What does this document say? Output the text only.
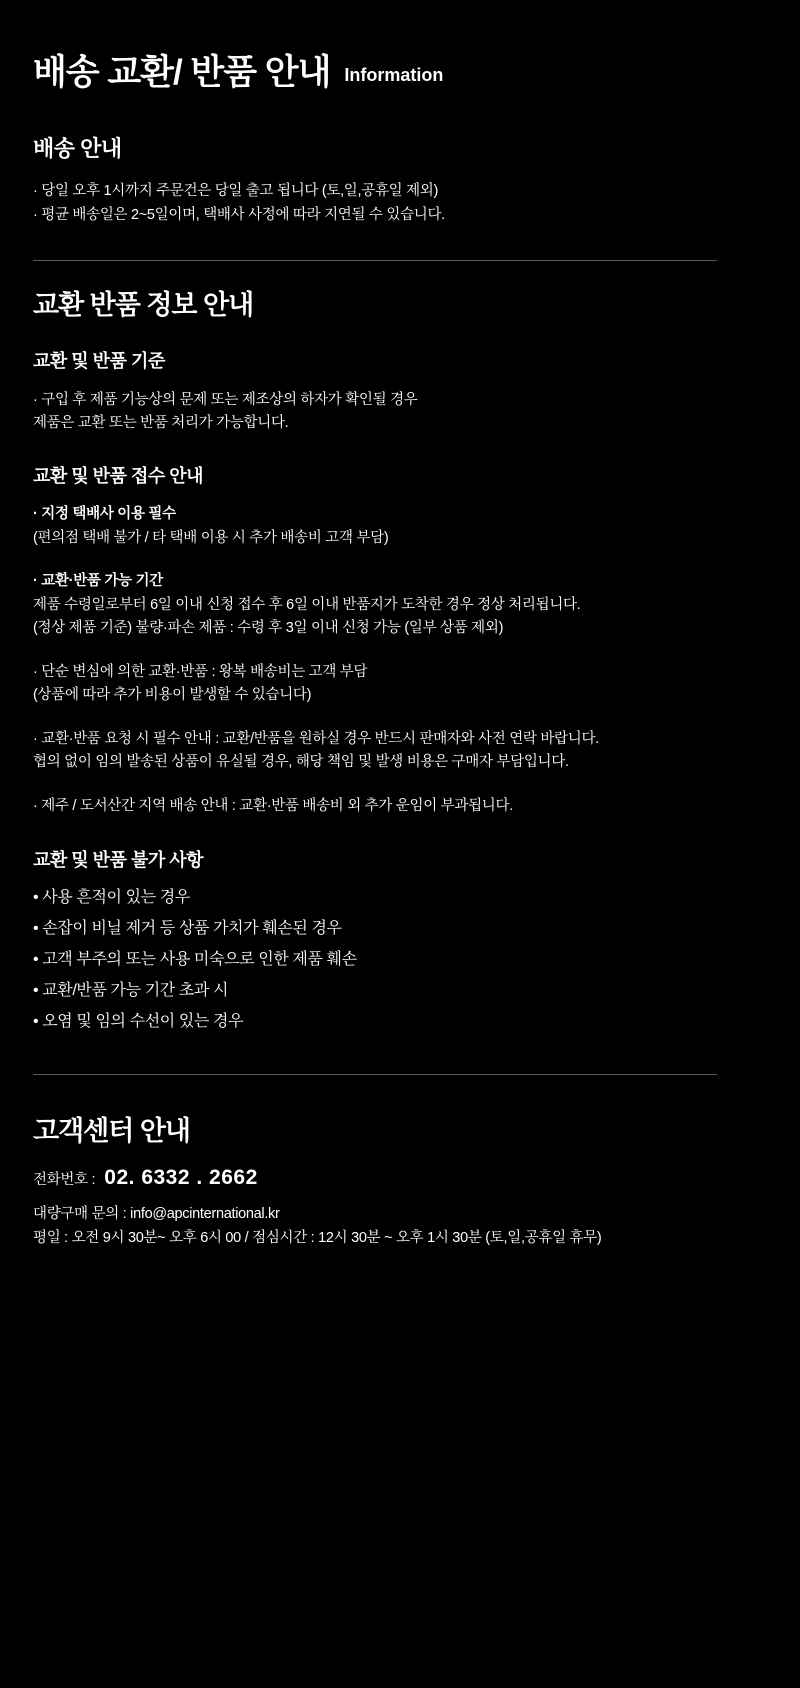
배송 교환/ 반품 안내 Information
배송 안내
· 당일 오후 1시까지 주문건은 당일 출고 됩니다 (토,일,공휴일 제외)
· 평균 배송일은 2~5일이며, 택배사 사정에 따라 지연될 수 있습니다.
교환 반품 정보 안내
교환 및 반품 기준
· 구입 후 제품 기능상의 문제 또는 제조상의 하자가 확인될 경우
제품은 교환 또는 반품 처리가 가능합니다.
교환 및 반품 접수 안내
· 지정 택배사 이용 필수
(편의점 택배 불가 / 타 택배 이용 시 추가 배송비 고객 부담)
· 교환·반품 가능 기간
제품 수령일로부터 6일 이내 신청 접수 후 6일 이내 반품지가 도착한 경우 정상 처리됩니다.
(정상 제품 기준) 불량·파손 제품 : 수령 후 3일 이내 신청 가능 (일부 상품 제외)
· 단순 변심에 의한 교환·반품 : 왕복 배송비는 고객 부담
(상품에 따라 추가 비용이 발생할 수 있습니다)
· 교환·반품 요청 시 필수 안내 : 교환/반품을 원하실 경우 반드시 판매자와 사전 연락 바랍니다.
협의 없이 임의 발송된 상품이 유실될 경우, 해당 책임 및 발생 비용은 구매자 부담입니다.
· 제주 / 도서산간 지역 배송 안내 : 교환·반품 배송비 외 추가 운임이 부과됩니다.
교환 및 반품 불가 사항
• 사용 흔적이 있는 경우
• 손잡이 비닐 제거 등 상품 가치가 훼손된 경우
• 고객 부주의 또는 사용 미숙으로 인한 제품 훼손
• 교환/반품 가능 기간 초과 시
• 오염 및 임의 수선이 있는 경우
고객센터 안내
전화번호 : 02. 6332 . 2662
대량구매 문의 : info@apcinternational.kr
평일 : 오전 9시 30분~ 오후 6시 00 / 점심시간 : 12시 30분 ~ 오후 1시 30분 (토,일,공휴일 휴무)
